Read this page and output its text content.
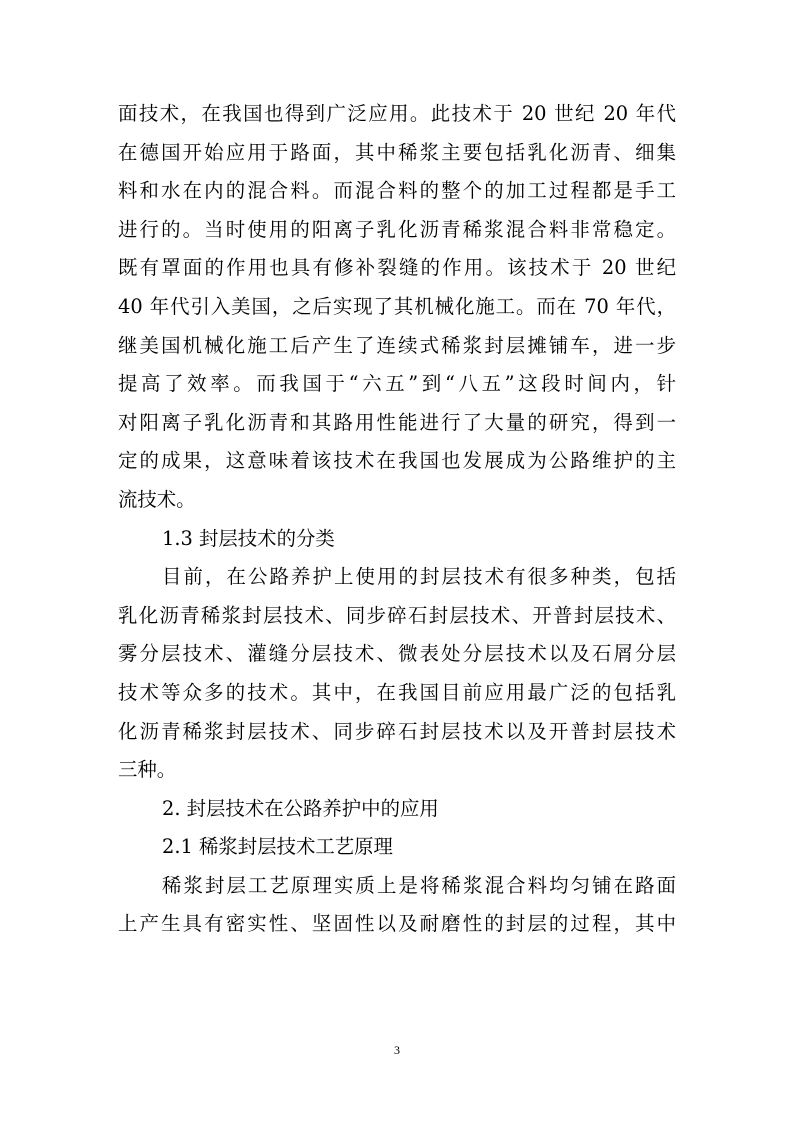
面技术，在我国也得到广泛应用。此技术于 20 世纪 20 年代
在德国开始应用于路面，其中稀浆主要包括乳化沥青、细集
料和水在内的混合料。而混合料的整个的加工过程都是手工
进行的。当时使用的阳离子乳化沥青稀浆混合料非常稳定。
既有罩面的作用也具有修补裂缝的作用。该技术于 20 世纪
40 年代引入美国，之后实现了其机械化施工。而在 70 年代，
继美国机械化施工后产生了连续式稀浆封层摊铺车，进一步
提高了效率。而我国于“六五”到“八五”这段时间内，针
对阳离子乳化沥青和其路用性能进行了大量的研究，得到一
定的成果，这意味着该技术在我国也发展成为公路维护的主
流技术。
1.3 封层技术的分类
目前，在公路养护上使用的封层技术有很多种类，包括
乳化沥青稀浆封层技术、同步碎石封层技术、开普封层技术、
雾分层技术、灌缝分层技术、微表处分层技术以及石屑分层
技术等众多的技术。其中，在我国目前应用最广泛的包括乳
化沥青稀浆封层技术、同步碎石封层技术以及开普封层技术
三种。
2. 封层技术在公路养护中的应用
2.1 稀浆封层技术工艺原理
稀浆封层工艺原理实质上是将稀浆混合料均匀铺在路面
上产生具有密实性、坚固性以及耐磨性的封层的过程，其中
3
